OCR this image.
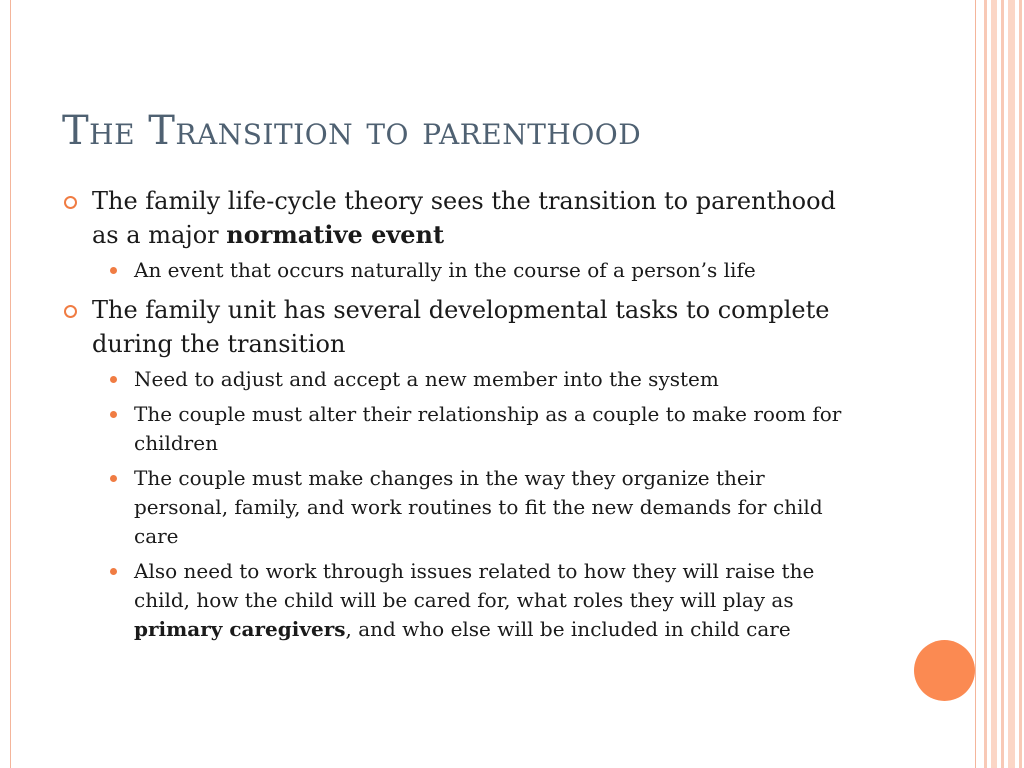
The Transition to parenthood
The family life-cycle theory sees the transition to parenthood as a major normative event
An event that occurs naturally in the course of a person’s life
The family unit has several developmental tasks to complete during the transition
Need to adjust and accept a new member into the system
The couple must alter their relationship as a couple to make room for children
The couple must make changes in the way they organize their personal, family, and work routines to fit the new demands for child care
Also need to work through issues related to how they will raise the child, how the child will be cared for, what roles they will play as primary caregivers, and who else will be included in child care
